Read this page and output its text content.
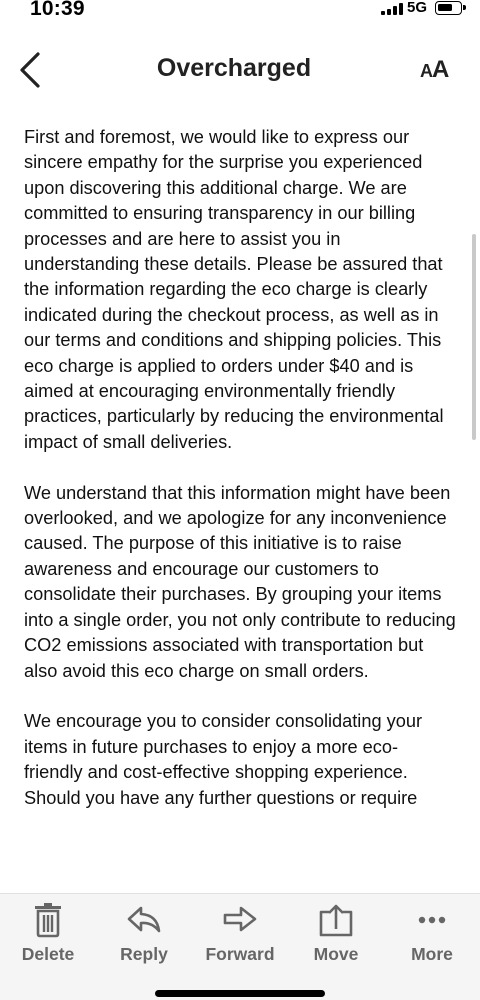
10:39	5G
Overcharged	AA

First and foremost, we would like to express our sincere empathy for the surprise you experienced upon discovering this additional charge. We are committed to ensuring transparency in our billing processes and are here to assist you in understanding these details. Please be assured that the information regarding the eco charge is clearly indicated during the checkout process, as well as in our terms and conditions and shipping policies. This eco charge is applied to orders under $40 and is aimed at encouraging environmentally friendly practices, particularly by reducing the environmental impact of small deliveries.

We understand that this information might have been overlooked, and we apologize for any inconvenience caused. The purpose of this initiative is to raise awareness and encourage our customers to consolidate their purchases. By grouping your items into a single order, you not only contribute to reducing CO2 emissions associated with transportation but also avoid this eco charge on small orders.

We encourage you to consider consolidating your items in future purchases to enjoy a more eco-friendly and cost-effective shopping experience.

Should you have any further questions or require

Delete	Reply	Forward	Move	More
